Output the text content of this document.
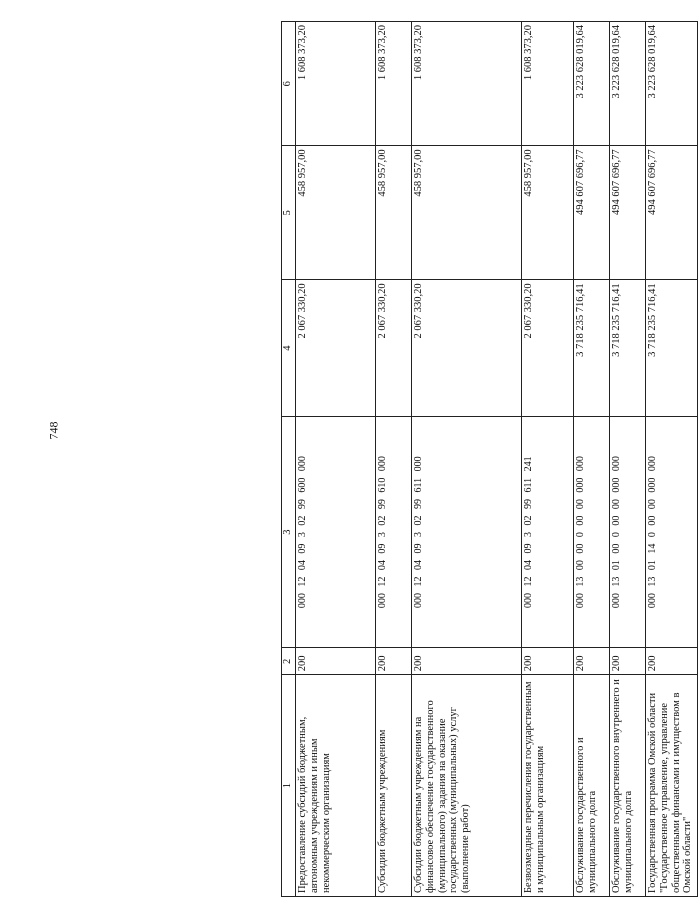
748
1	2	3	4	5	6
Предоставление субсидий бюджетным, автономным учреждениям и иным некоммерческим организациям	200	000 12 04 09 3 02 99 600 000	2 067 330,20	458 957,00	1 608 373,20
Субсидии бюджетным учреждениям	200	000 12 04 09 3 02 99 610 000	2 067 330,20	458 957,00	1 608 373,20
Субсидии бюджетным учреждениям на финансовое обеспечение государственного (муниципального) задания на оказание государственных (муниципальных) услуг (выполнение работ)	200	000 12 04 09 3 02 99 611 000	2 067 330,20	458 957,00	1 608 373,20
Безвозмездные перечисления государственным и муниципальным организациям	200	000 12 04 09 3 02 99 611 241	2 067 330,20	458 957,00	1 608 373,20
Обслуживание государственного и муниципального долга	200	000 13 00 00 0 00 00 000 000	3 718 235 716,41	494 607 696,77	3 223 628 019,64
Обслуживание государственного внутреннего и муниципального долга	200	000 13 01 00 0 00 00 000 000	3 718 235 716,41	494 607 696,77	3 223 628 019,64
Государственная программа Омской области "Государственное управление, управление общественными финансами и имуществом в Омской области"	200	000 13 01 14 0 00 00 000 000	3 718 235 716,41	494 607 696,77	3 223 628 019,64
